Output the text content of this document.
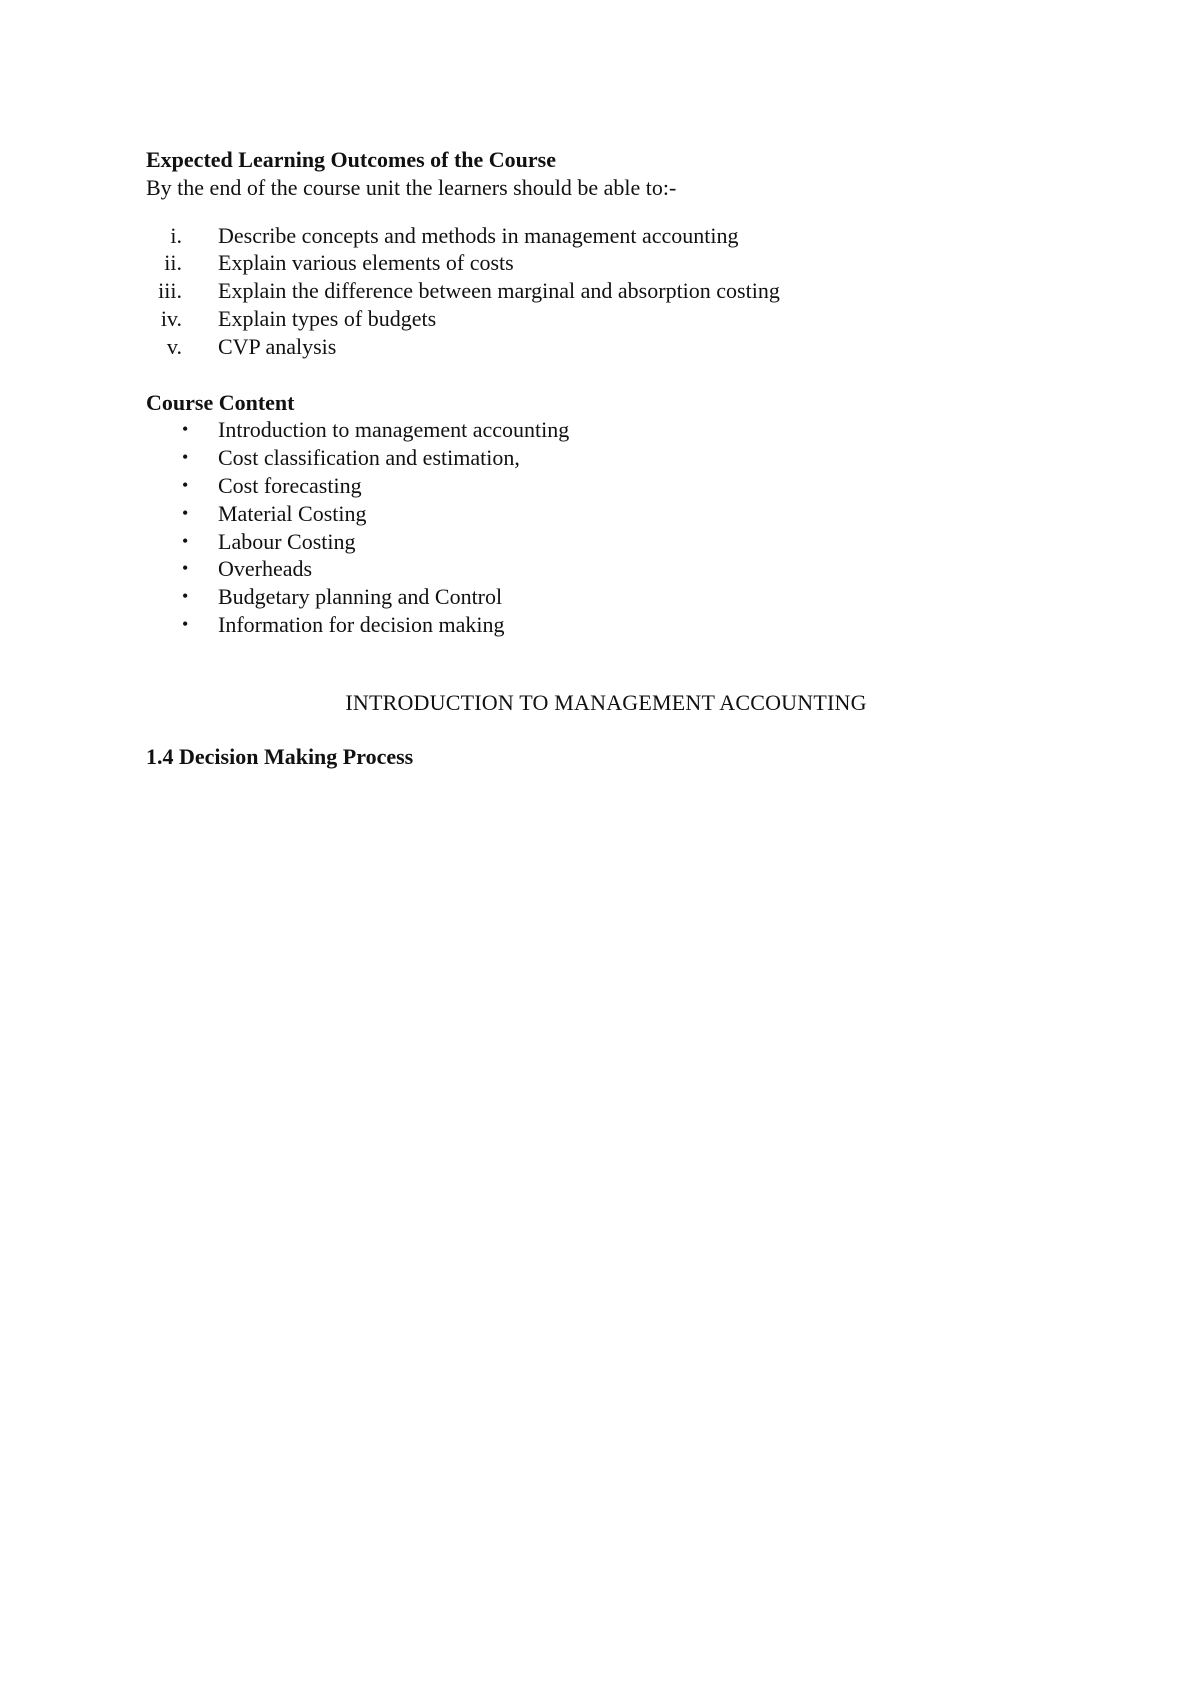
Expected Learning Outcomes of the Course

By the end of the course unit the learners should be able to:-

i. Describe concepts and methods in management accounting
ii. Explain various elements of costs
iii. Explain the difference between marginal and absorption costing
iv. Explain types of budgets
v. CVP analysis

Course Content

• Introduction to management accounting
• Cost classification and estimation,
• Cost forecasting
• Material Costing
• Labour Costing
• Overheads
• Budgetary planning and Control
• Information for decision making

INTRODUCTION TO MANAGEMENT ACCOUNTING

1.4 Decision Making Process
